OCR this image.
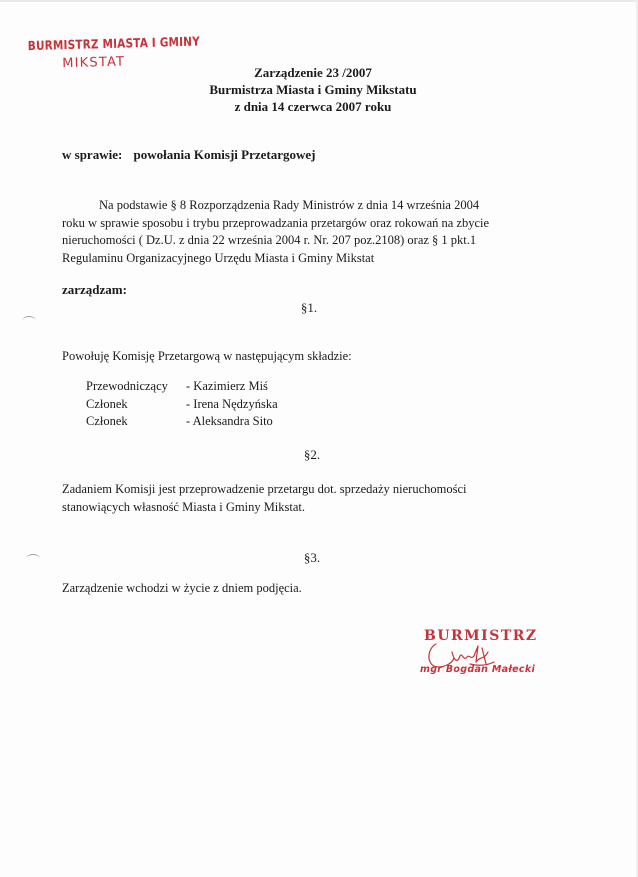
BURMISTRZ MIASTA I GMINY
MIKSTAT
Zarządzenie 23 /2007
Burmistrza Miasta i Gminy Mikstatu
z dnia 14 czerwca 2007 roku
w sprawie: powołania Komisji Przetargowej
Na podstawie § 8 Rozporządzenia Rady Ministrów z dnia 14 września 2004
roku w sprawie sposobu i trybu przeprowadzania przetargów oraz rokowań na zbycie
nieruchomości ( Dz.U. z dnia 22 września 2004 r. Nr. 207 poz.2108) oraz § 1 pkt.1
Regulaminu Organizacyjnego Urzędu Miasta i Gminy Mikstat
zarządzam:
§1.
Powołuję Komisję Przetargową w następującym składzie:
Przewodniczący	- Kazimierz Miś
Członek	- Irena Nędzyńska
Członek	- Aleksandra Sito
§2.
Zadaniem Komisji jest przeprowadzenie przetargu dot. sprzedaży nieruchomości
stanowiących własność Miasta i Gminy Mikstat.
§3.
Zarządzenie wchodzi w życie z dniem podjęcia.
BURMISTRZ
mgr Bogdan Małecki
